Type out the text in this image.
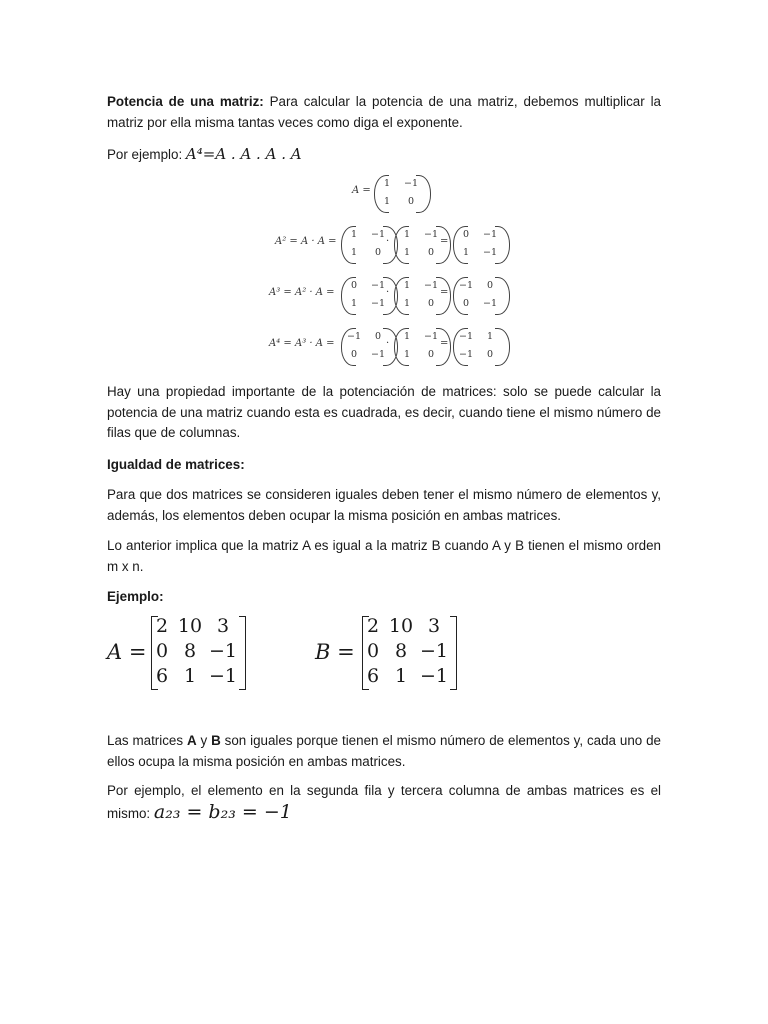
Potencia de una matriz: Para calcular la potencia de una matriz, debemos multiplicar la matriz por ella misma tantas veces como diga el exponente.
Por ejemplo: A⁴=A . A . A . A
A =
1	−1
1	0
A² = A · A =
1	−1
1	0
·
1	−1
1	0
=
0	−1
1	−1
A³ = A² · A =
0	−1
1	−1
·
1	−1
1	0
=
−1	0
0	−1
A⁴ = A³ · A =
−1	0
0	−1
·
1	−1
1	0
=
−1	1
−1	0
Hay una propiedad importante de la potenciación de matrices: solo se puede calcular la potencia de una matriz cuando esta es cuadrada, es decir, cuando tiene el mismo número de filas que de columnas.
Igualdad de matrices:
Para que dos matrices se consideren iguales deben tener el mismo número de elementos y, además, los elementos deben ocupar la misma posición en ambas matrices.
Lo anterior implica que la matriz A es igual a la matriz B cuando A y B tienen el mismo orden m x n.
Ejemplo:
A =
2 10 3
0 8 −1
6 1 −1
B =
2 10 3
0 8 −1
6 1 −1
Las matrices A y B son iguales porque tienen el mismo número de elementos y, cada uno de ellos ocupa la misma posición en ambas matrices.
Por ejemplo, el elemento en la segunda fila y tercera columna de ambas matrices es el mismo: a₂₃ = b₂₃ = −1
